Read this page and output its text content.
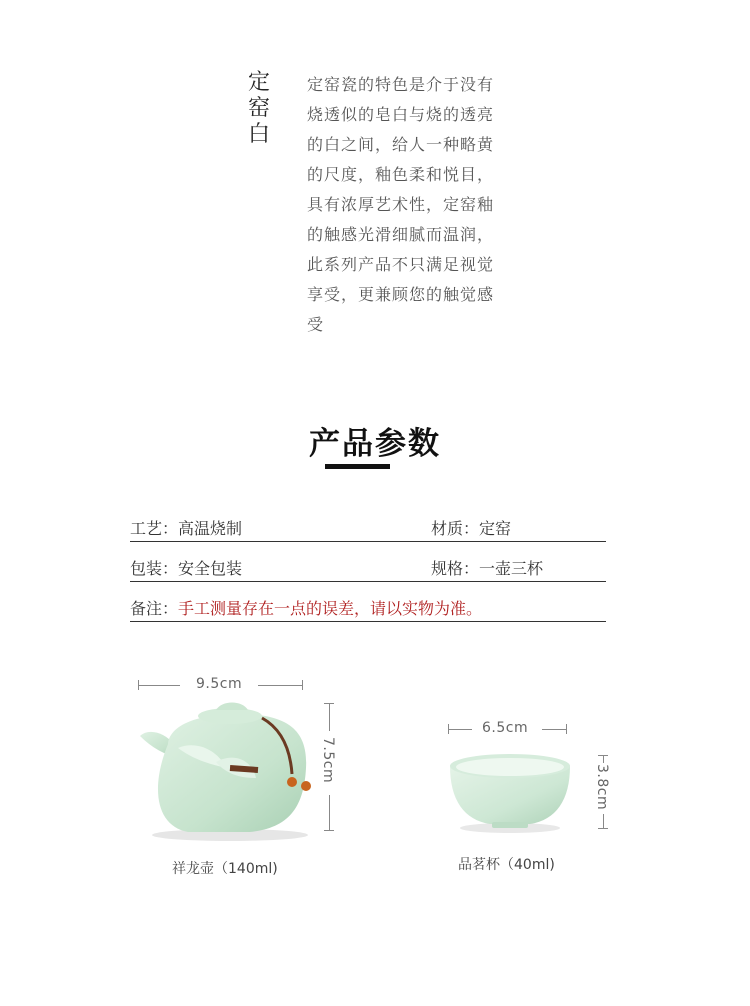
定窑白
定窑瓷的特色是介于没有烧透似的皂白与烧的透亮的白之间，给人一种略黄的尺度，釉色柔和悦目，具有浓厚艺术性，定窑釉的触感光滑细腻而温润，此系列产品不只满足视觉享受，更兼顾您的触觉感受
产品参数
工艺：高温烧制	材质：定窑
包装：安全包装	规格：一壶三杯
备注：手工测量存在一点的误差，请以实物为准。
9.5cm
7.5cm
祥龙壶（140ml)
6.5cm
3.8cm
品茗杯（40ml)
